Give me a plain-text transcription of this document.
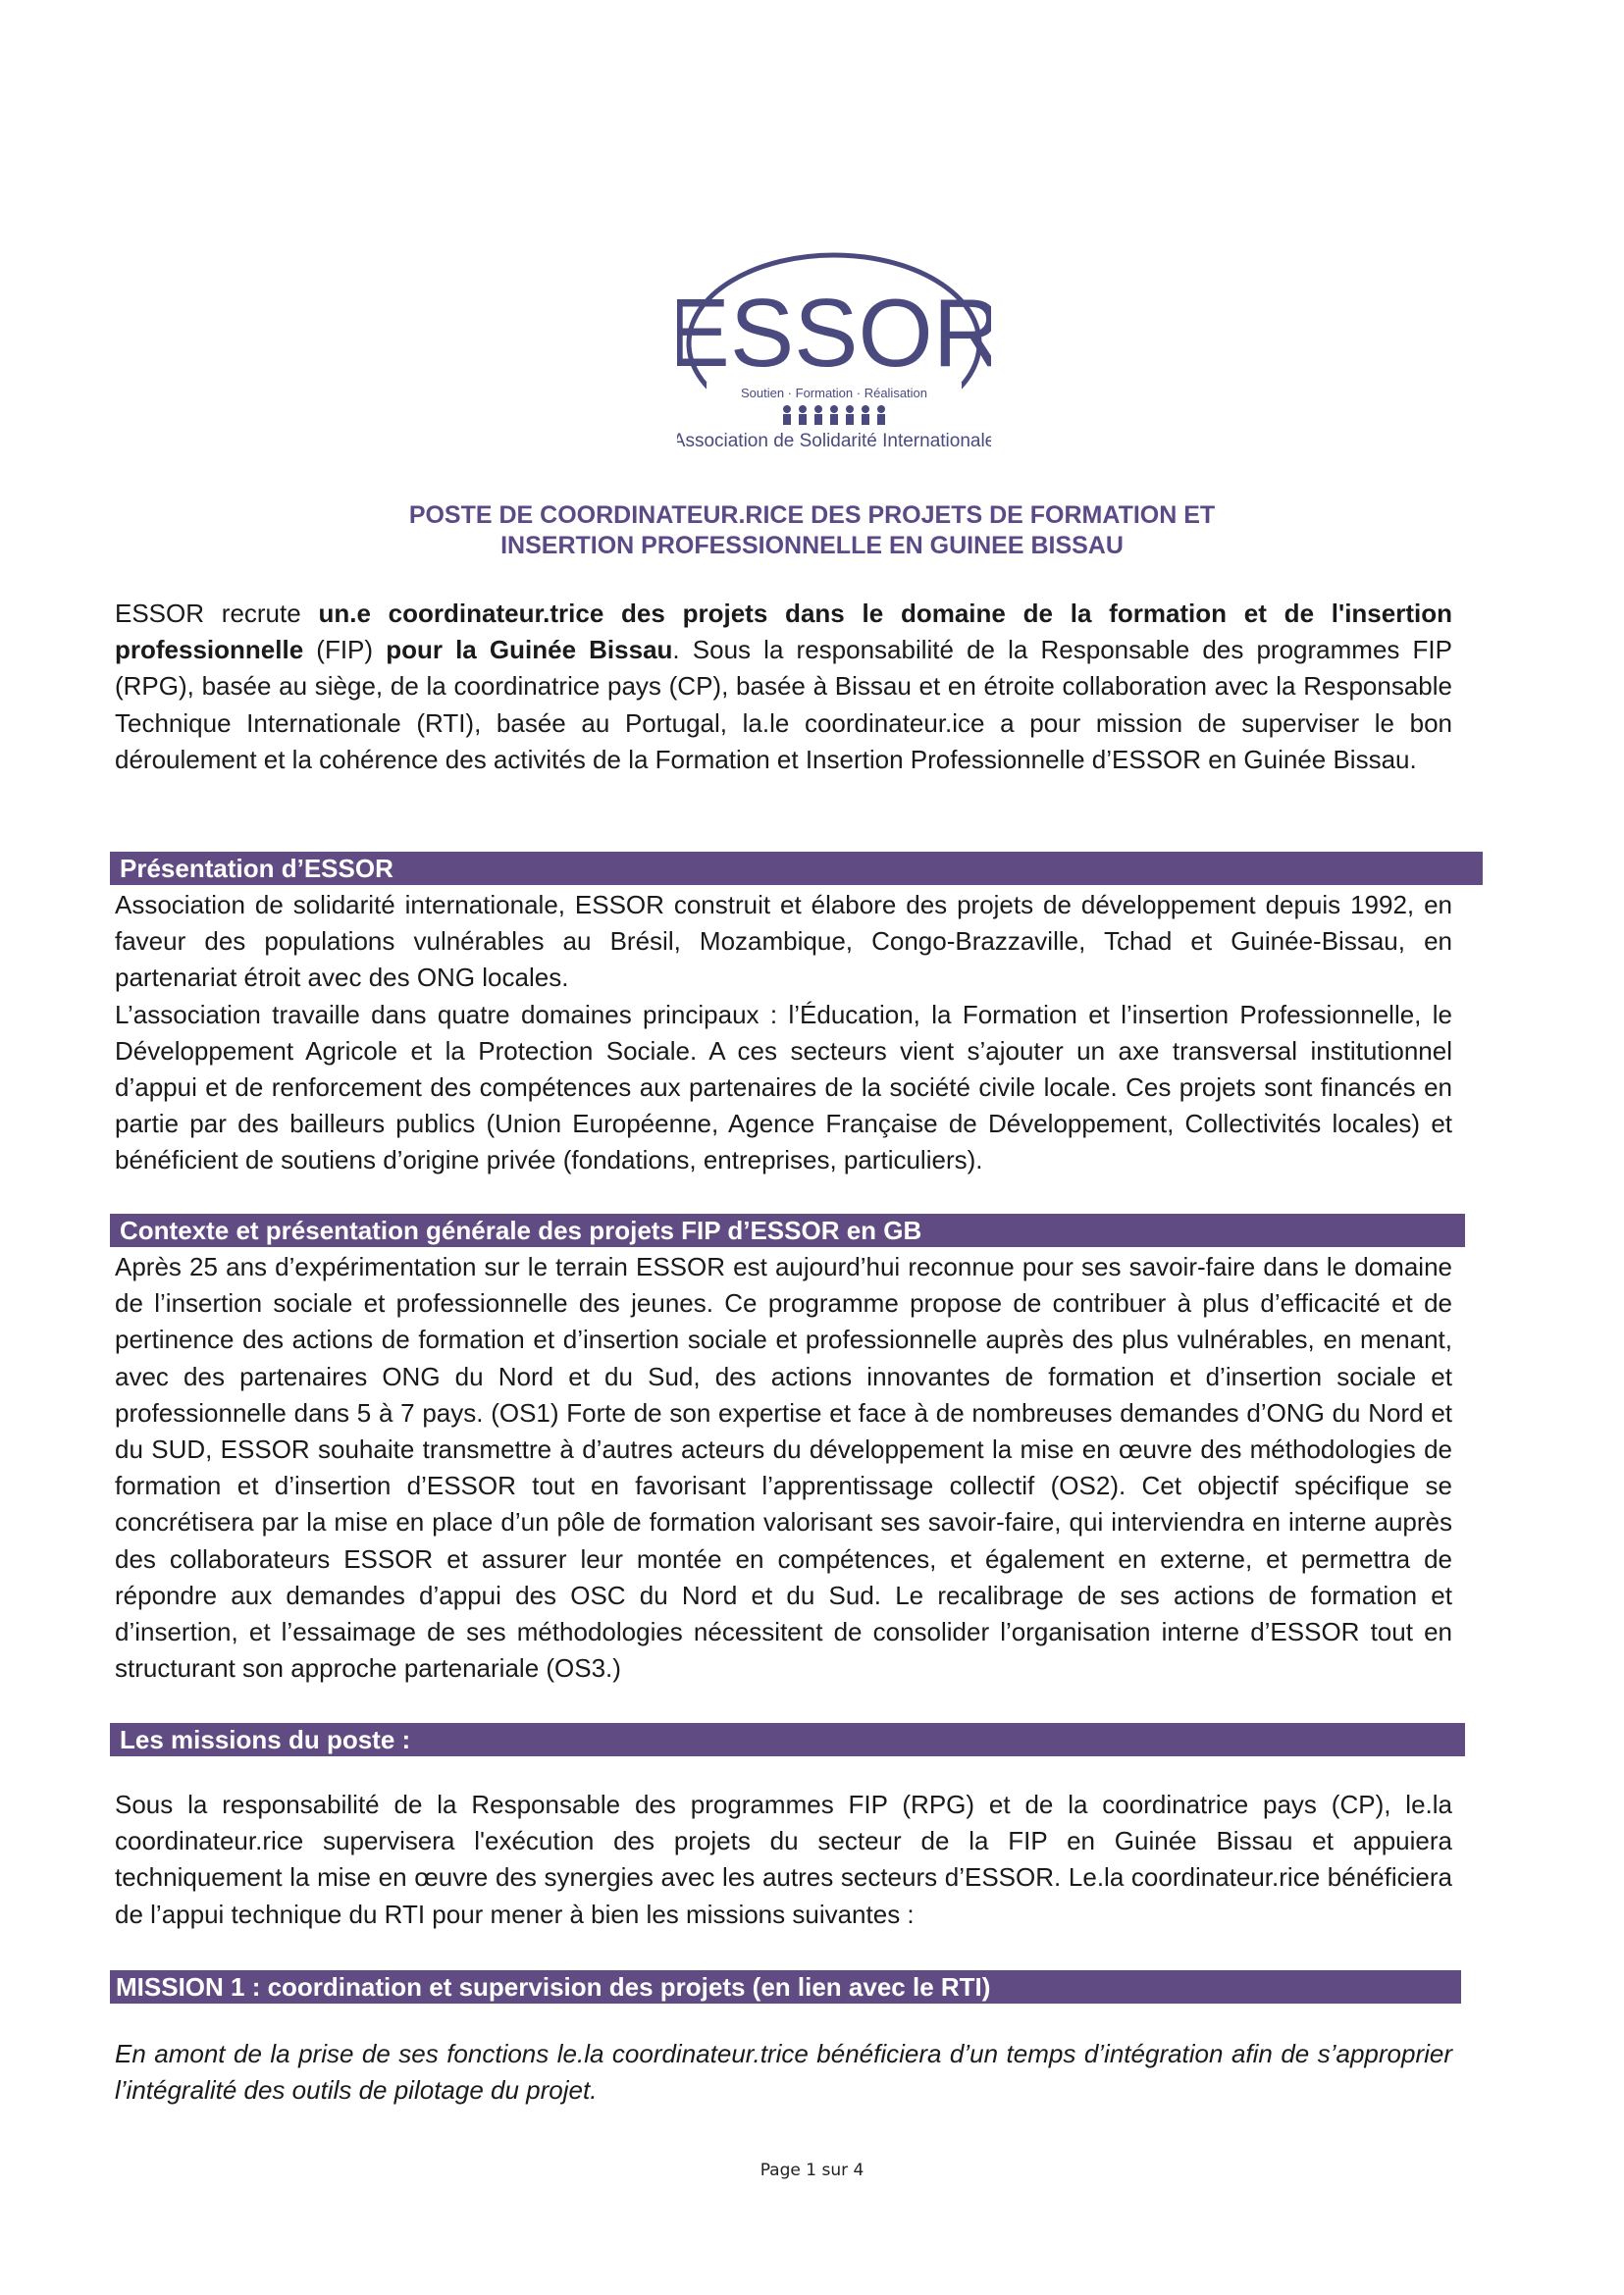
ESSOR
Soutien · Formation · Réalisation
Association de Solidarité Internationale
POSTE DE COORDINATEUR.RICE DES PROJETS DE FORMATION ET
INSERTION PROFESSIONNELLE EN GUINEE BISSAU

ESSOR recrute un.e coordinateur.trice des projets dans le domaine de la formation et de l'insertion professionnelle (FIP) pour la Guinée Bissau. Sous la responsabilité de la Responsable des programmes FIP (RPG), basée au siège, de la coordinatrice pays (CP), basée à Bissau et en étroite collaboration avec la Responsable Technique Internationale (RTI), basée au Portugal, la.le coordinateur.ice a pour mission de superviser le bon déroulement et la cohérence des activités de la Formation et Insertion Professionnelle d’ESSOR en Guinée Bissau.

Présentation d’ESSOR

Association de solidarité internationale, ESSOR construit et élabore des projets de développement depuis 1992, en faveur des populations vulnérables au Brésil, Mozambique, Congo-Brazzaville, Tchad et Guinée-Bissau, en partenariat étroit avec des ONG locales.

L’association travaille dans quatre domaines principaux : l’Éducation, la Formation et l’insertion Professionnelle, le Développement Agricole et la Protection Sociale. A ces secteurs vient s’ajouter un axe transversal institutionnel d’appui et de renforcement des compétences aux partenaires de la société civile locale. Ces projets sont financés en partie par des bailleurs publics (Union Européenne, Agence Française de Développement, Collectivités locales) et bénéficient de soutiens d’origine privée (fondations, entreprises, particuliers).

Contexte et présentation générale des projets FIP d’ESSOR en GB

Après 25 ans d’expérimentation sur le terrain ESSOR est aujourd’hui reconnue pour ses savoir-faire dans le domaine de l’insertion sociale et professionnelle des jeunes. Ce programme propose de contribuer à plus d’efficacité et de pertinence des actions de formation et d’insertion sociale et professionnelle auprès des plus vulnérables, en menant, avec des partenaires ONG du Nord et du Sud, des actions innovantes de formation et d’insertion sociale et professionnelle dans 5 à 7 pays. (OS1) Forte de son expertise et face à de nombreuses demandes d’ONG du Nord et du SUD, ESSOR souhaite transmettre à d’autres acteurs du développement la mise en œuvre des méthodologies de formation et d’insertion d’ESSOR tout en favorisant l’apprentissage collectif (OS2). Cet objectif spécifique se concrétisera par la mise en place d’un pôle de formation valorisant ses savoir-faire, qui interviendra en interne auprès des collaborateurs ESSOR et assurer leur montée en compétences, et également en externe, et permettra de répondre aux demandes d’appui des OSC du Nord et du Sud. Le recalibrage de ses actions de formation et d’insertion, et l’essaimage de ses méthodologies nécessitent de consolider l’organisation interne d’ESSOR tout en structurant son approche partenariale (OS3.)

Les missions du poste :

Sous la responsabilité de la Responsable des programmes FIP (RPG) et de la coordinatrice pays (CP), le.la coordinateur.rice supervisera l'exécution des projets du secteur de la FIP en Guinée Bissau et appuiera techniquement la mise en œuvre des synergies avec les autres secteurs d’ESSOR. Le.la coordinateur.rice bénéficiera de l’appui technique du RTI pour mener à bien les missions suivantes :

MISSION 1 : coordination et supervision des projets (en lien avec le RTI)

En amont de la prise de ses fonctions le.la coordinateur.trice bénéficiera d’un temps d’intégration afin de s’approprier l’intégralité des outils de pilotage du projet.

Page 1 sur 4
